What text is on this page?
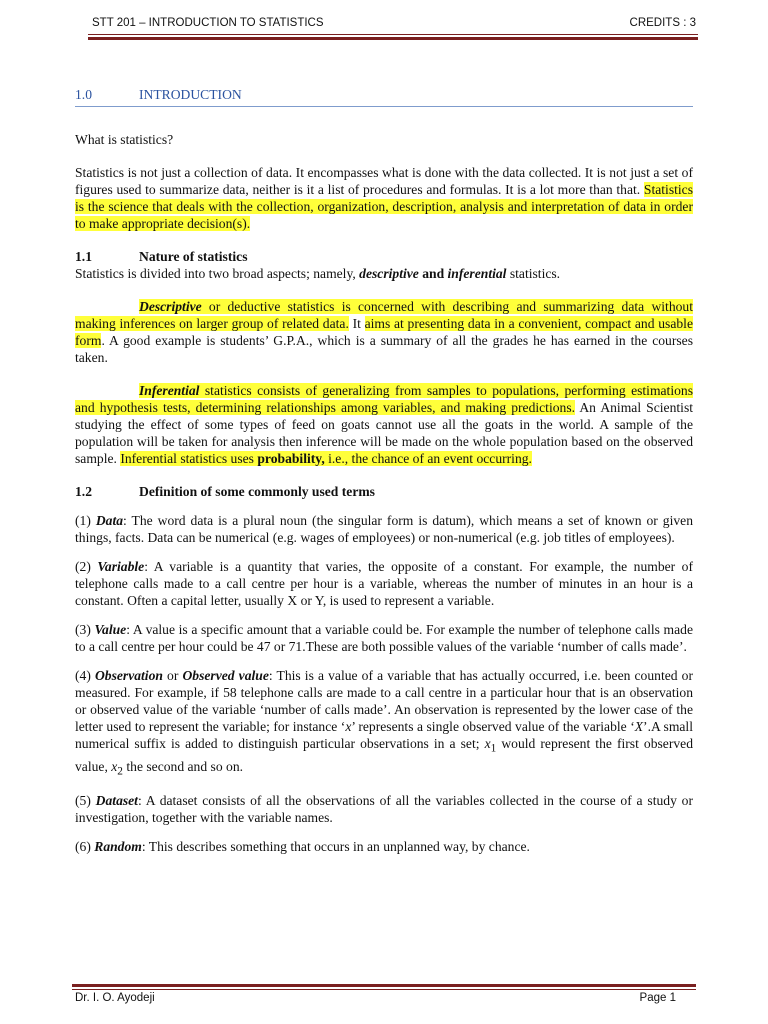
STT 201 – INTRODUCTION TO STATISTICS	CREDITS : 3
1.0	INTRODUCTION

What is statistics?

Statistics is not just a collection of data. It encompasses what is done with the data collected. It is not just a set of figures used to summarize data, neither is it a list of procedures and formulas. It is a lot more than that. Statistics is the science that deals with the collection, organization, description, analysis and interpretation of data in order to make appropriate decision(s).

1.1	Nature of statistics

Statistics is divided into two broad aspects; namely, descriptive and inferential statistics.

Descriptive or deductive statistics is concerned with describing and summarizing data without making inferences on larger group of related data. It aims at presenting data in a convenient, compact and usable form. A good example is students’ G.P.A., which is a summary of all the grades he has earned in the courses taken.

Inferential statistics consists of generalizing from samples to populations, performing estimations and hypothesis tests, determining relationships among variables, and making predictions. An Animal Scientist studying the effect of some types of feed on goats cannot use all the goats in the world. A sample of the population will be taken for analysis then inference will be made on the whole population based on the observed sample. Inferential statistics uses probability, i.e., the chance of an event occurring.

1.2	Definition of some commonly used terms

(1) Data: The word data is a plural noun (the singular form is datum), which means a set of known or given things, facts. Data can be numerical (e.g. wages of employees) or non-numerical (e.g. job titles of employees).

(2) Variable: A variable is a quantity that varies, the opposite of a constant. For example, the number of telephone calls made to a call centre per hour is a variable, whereas the number of minutes in an hour is a constant. Often a capital letter, usually X or Y, is used to represent a variable.

(3) Value: A value is a specific amount that a variable could be. For example the number of telephone calls made to a call centre per hour could be 47 or 71.These are both possible values of the variable ‘number of calls made’.

(4) Observation or Observed value: This is a value of a variable that has actually occurred, i.e. been counted or measured. For example, if 58 telephone calls are made to a call centre in a particular hour that is an observation or observed value of the variable ‘number of calls made’. An observation is represented by the lower case of the letter used to represent the variable; for instance ‘x’ represents a single observed value of the variable ‘X’.A small numerical suffix is added to distinguish particular observations in a set; $x_1$ would represent the first observed value, $x_2$ the second and so on.

(5) Dataset: A dataset consists of all the observations of all the variables collected in the course of a study or investigation, together with the variable names.

(6) Random: This describes something that occurs in an unplanned way, by chance.

Dr. I. O. Ayodeji	Page 1
